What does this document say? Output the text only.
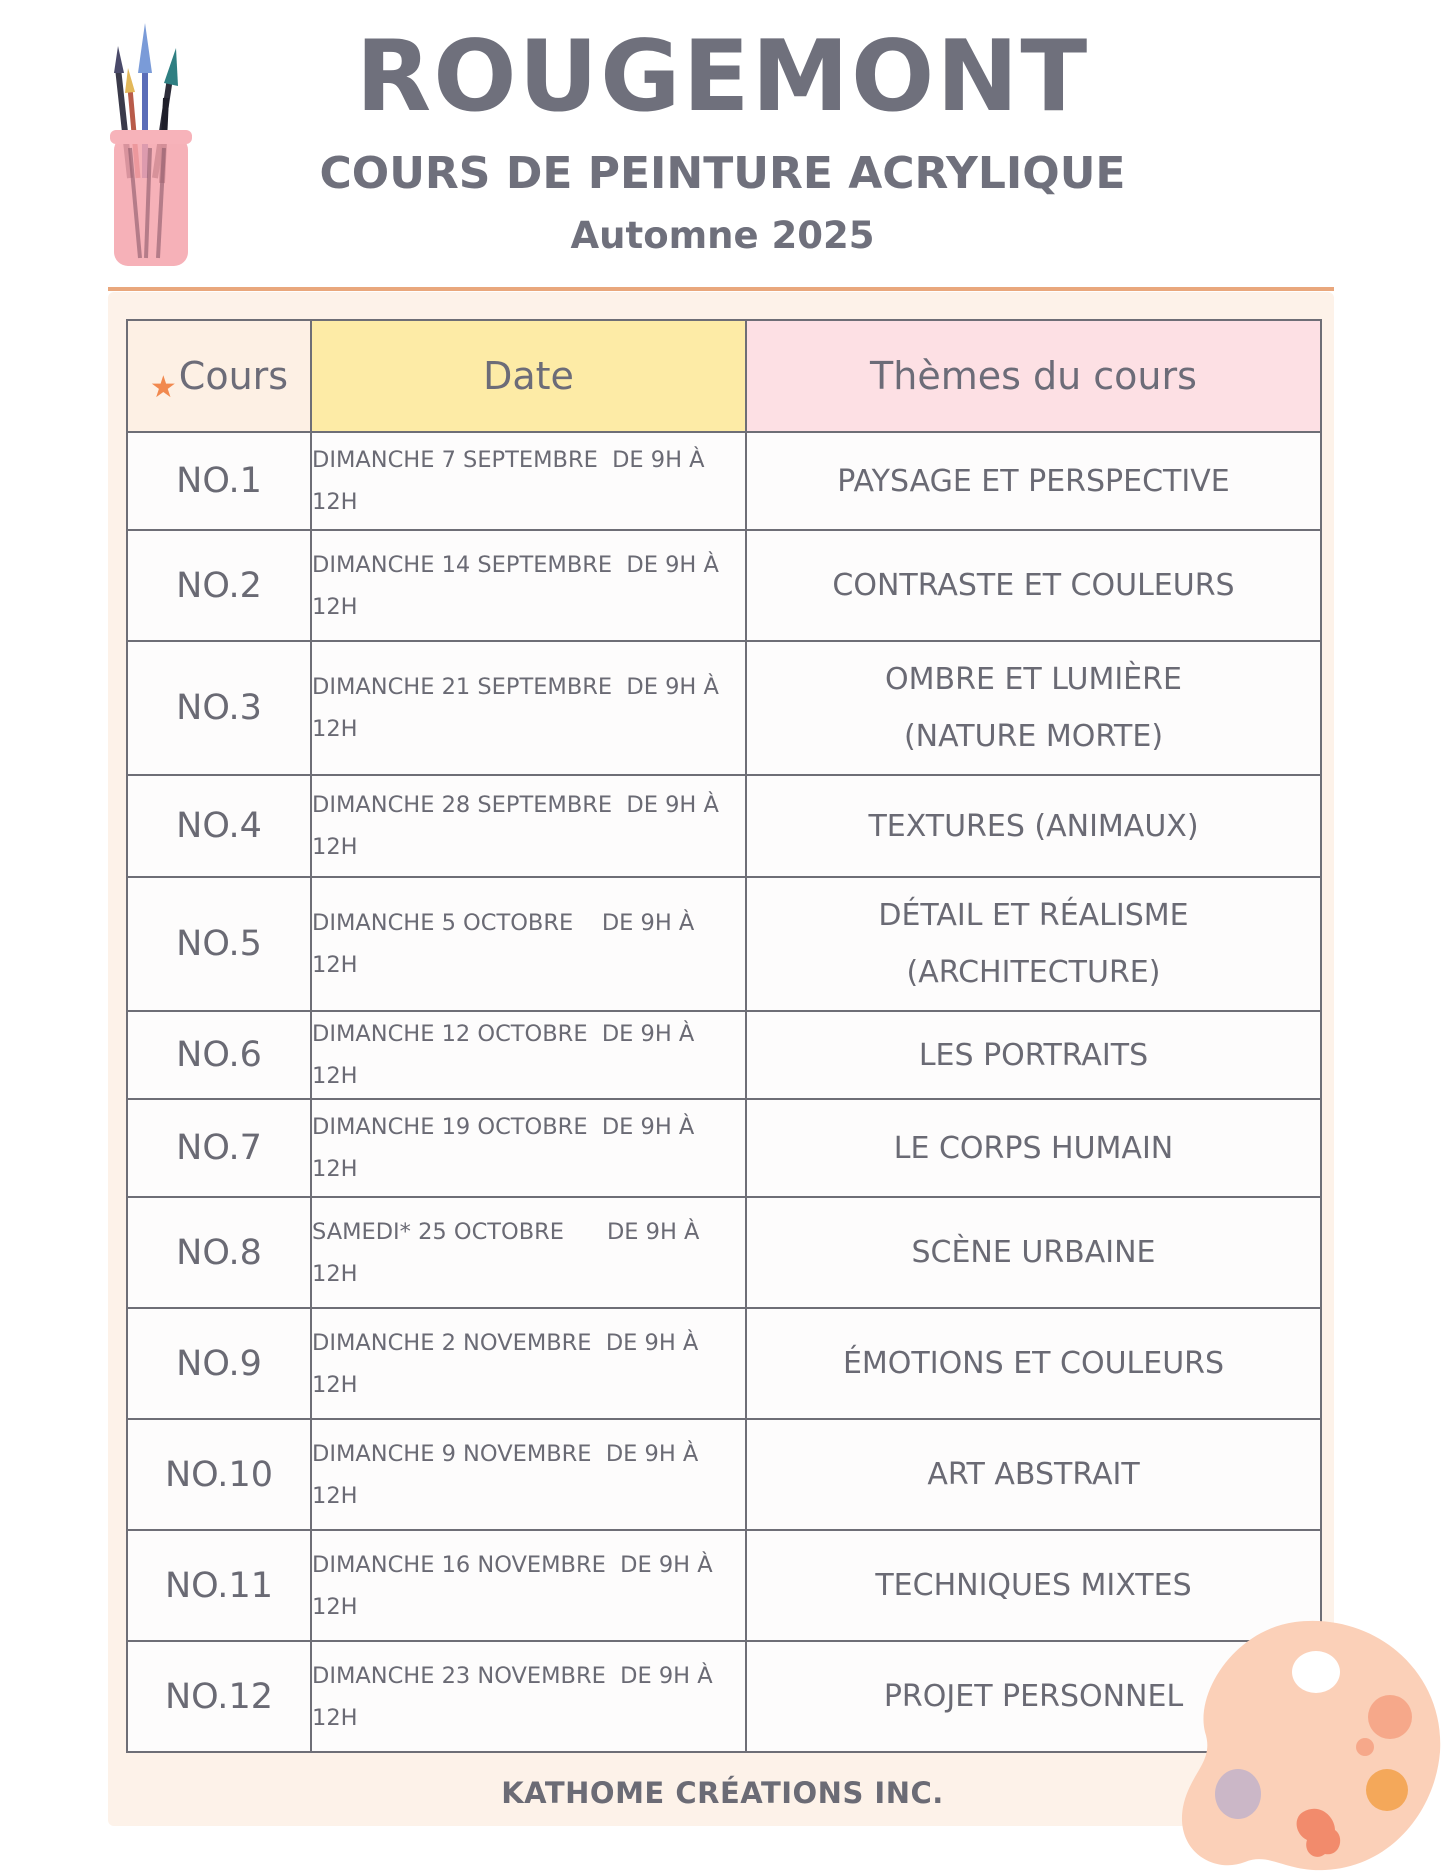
ROUGEMONT
COURS DE PEINTURE ACRYLIQUE
Automne 2025
$_★$Cours	Date	Thèmes du cours
NO.1	DIMANCHE 7 SEPTEMBRE  DE 9H À 12H	PAYSAGE ET PERSPECTIVE
NO.2	DIMANCHE 14 SEPTEMBRE  DE 9H À 12H	CONTRASTE ET COULEURS
NO.3	DIMANCHE 21 SEPTEMBRE  DE 9H À 12H	OMBRE ET LUMIÈRE
(NATURE MORTE)
NO.4	DIMANCHE 28 SEPTEMBRE  DE 9H À 12H	TEXTURES (ANIMAUX)
NO.5	DIMANCHE 5 OCTOBRE    DE 9H À 12H	DÉTAIL ET RÉALISME
(ARCHITECTURE)
NO.6	DIMANCHE 12 OCTOBRE  DE 9H À 12H	LES PORTRAITS
NO.7	DIMANCHE 19 OCTOBRE  DE 9H À 12H	LE CORPS HUMAIN
NO.8	SAMEDI* 25 OCTOBRE      DE 9H À 12H	SCÈNE URBAINE
NO.9	DIMANCHE 2 NOVEMBRE  DE 9H À 12H	ÉMOTIONS ET COULEURS
NO.10	DIMANCHE 9 NOVEMBRE  DE 9H À 12H	ART ABSTRAIT
NO.11	DIMANCHE 16 NOVEMBRE  DE 9H À 12H	TECHNIQUES MIXTES
NO.12	DIMANCHE 23 NOVEMBRE  DE 9H À 12H	PROJET PERSONNEL
KATHOME CRÉATIONS INC.
